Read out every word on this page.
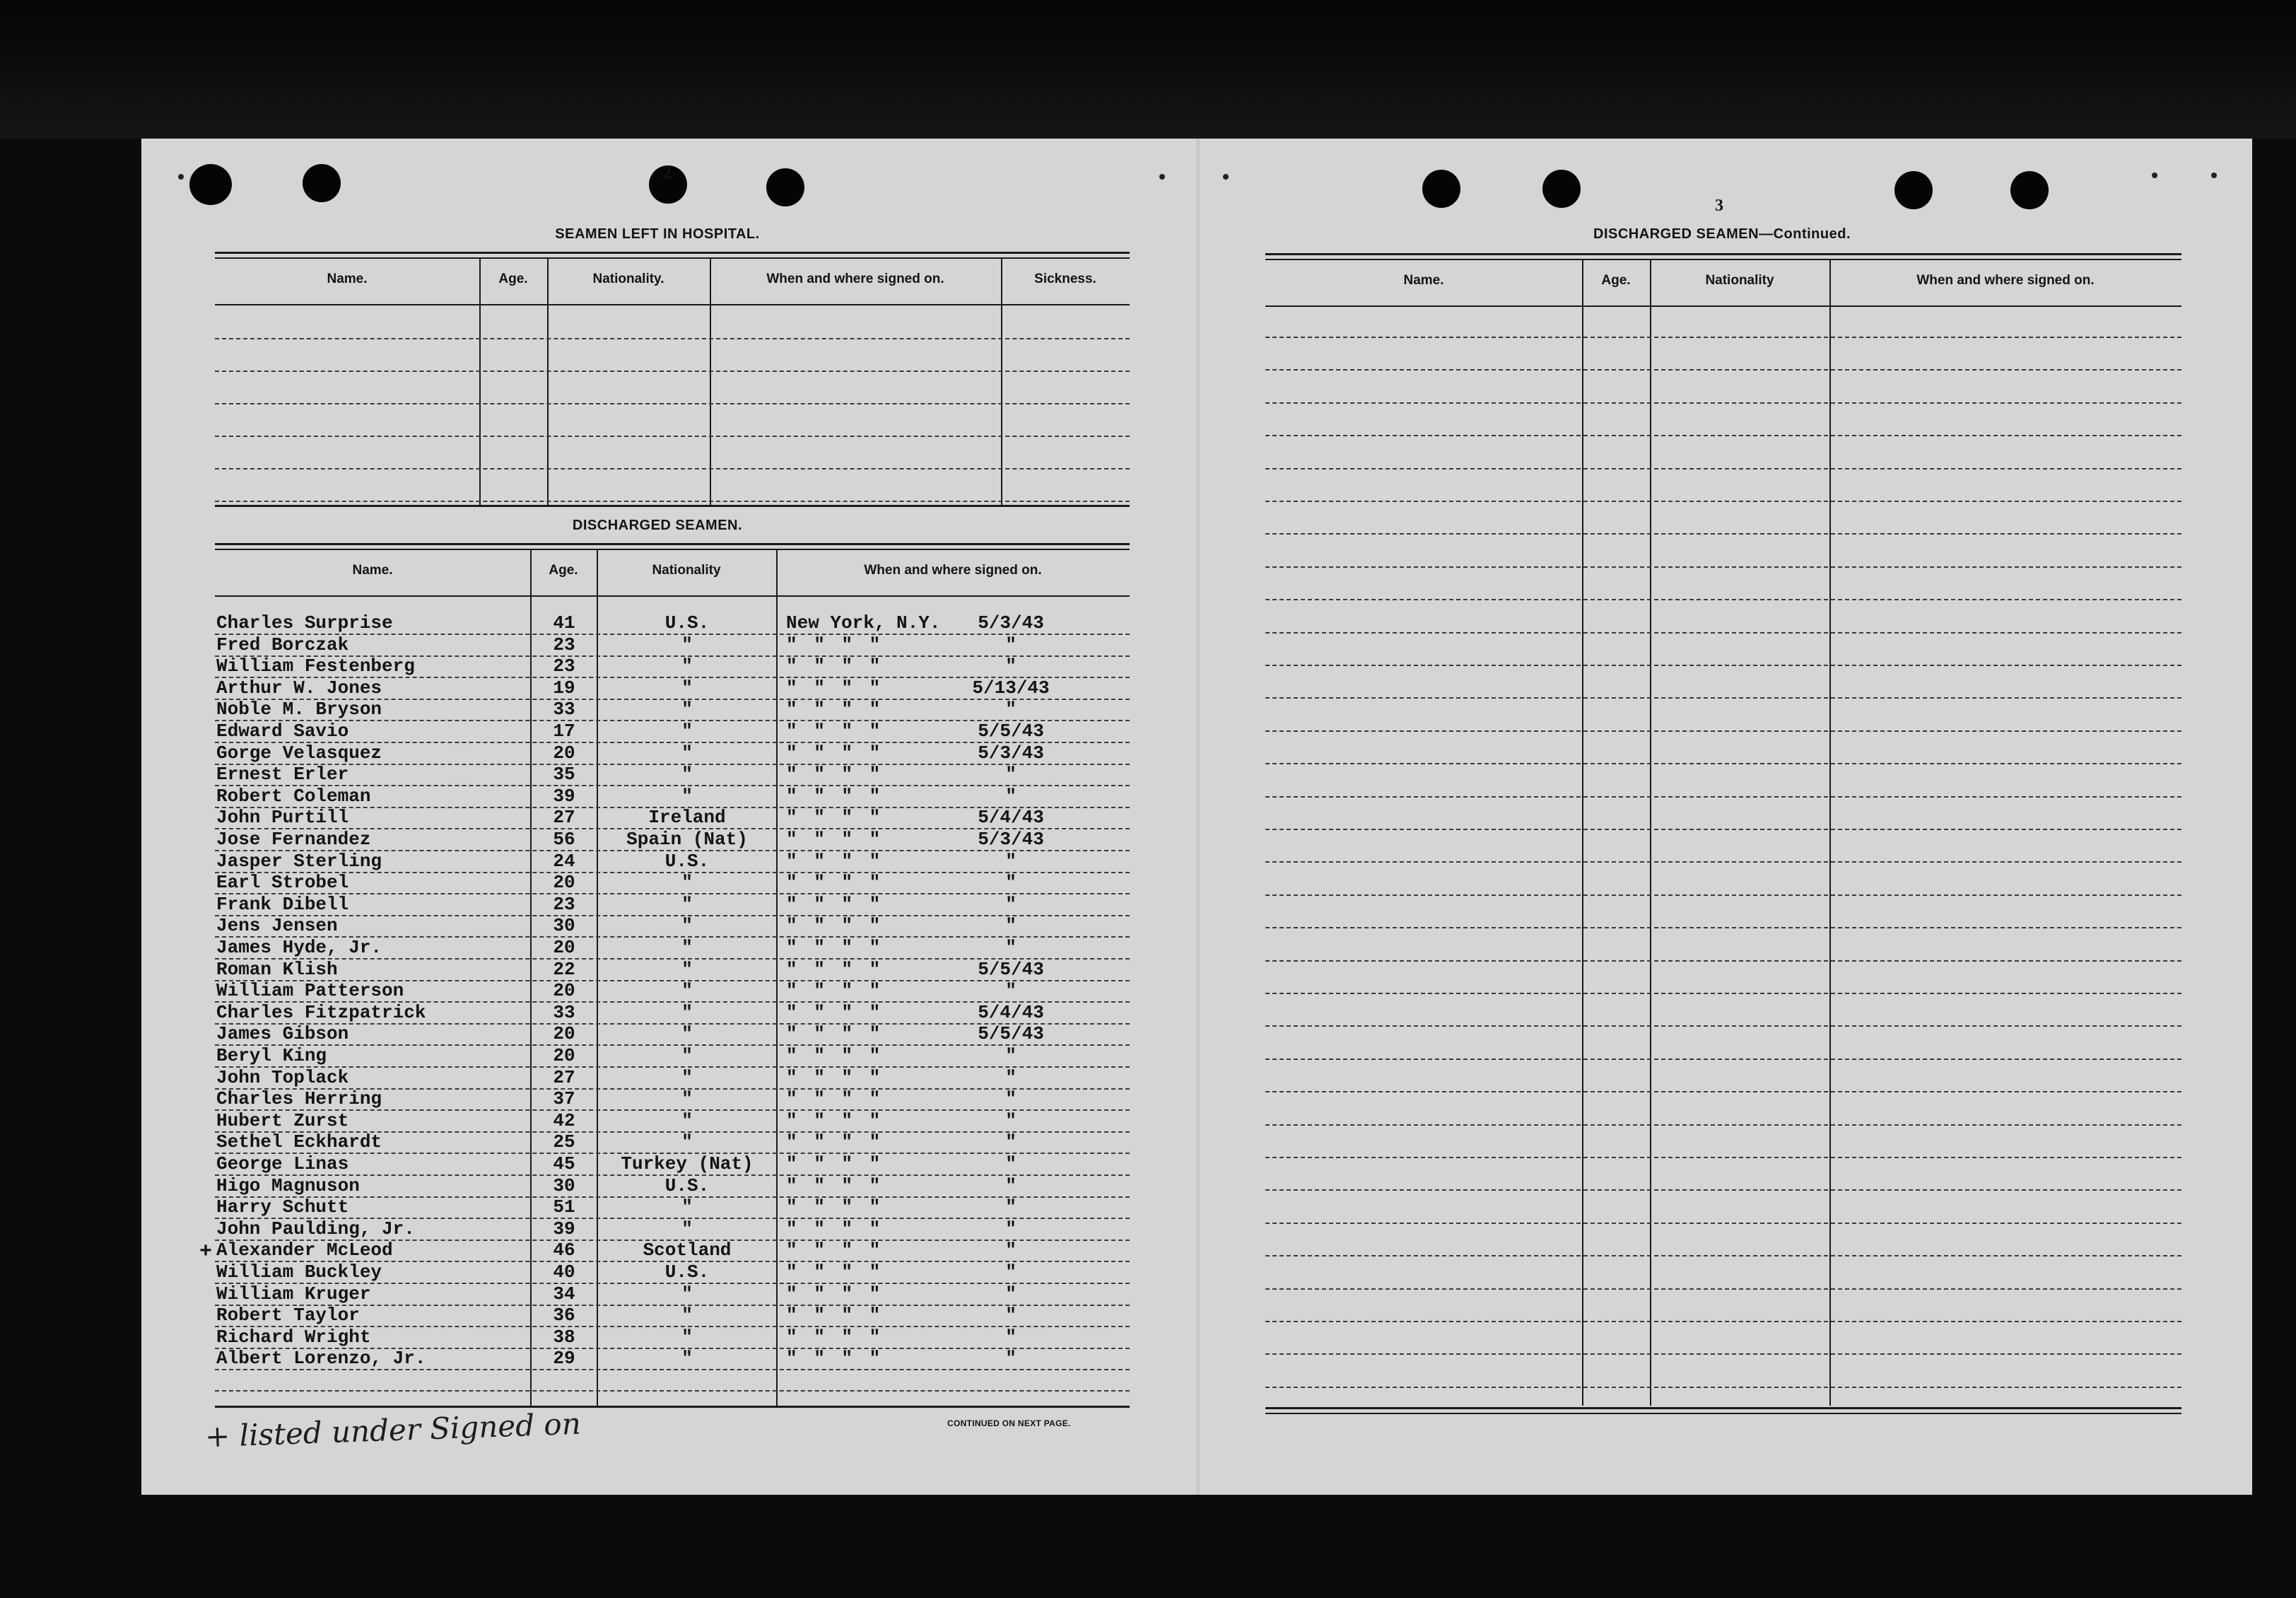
2
SEAMEN LEFT IN HOSPITAL.
Name.	Age.	Nationality.	When and where signed on.	Sickness.
DISCHARGED SEAMEN.
Name.	Age.	Nationality	When and where signed on.
Charles Surprise	41	U.S.	New York, N.Y.	5/3/43
Fred Borczak	23	"	" " " "	"
William Festenberg	23	"	" " " "	"
Arthur W. Jones	19	"	" " " "	5/13/43
Noble M. Bryson	33	"	" " " "	"
Edward Savio	17	"	" " " "	5/5/43
Gorge Velasquez	20	"	" " " "	5/3/43
Ernest Erler	35	"	" " " "	"
Robert Coleman	39	"	" " " "	"
John Purtill	27	Ireland	" " " "	5/4/43
Jose Fernandez	56	Spain (Nat)	" " " "	5/3/43
Jasper Sterling	24	U.S.	" " " "	"
Earl Strobel	20	"	" " " "	"
Frank Dibell	23	"	" " " "	"
Jens Jensen	30	"	" " " "	"
James Hyde, Jr.	20	"	" " " "	"
Roman Klish	22	"	" " " "	5/5/43
William Patterson	20	"	" " " "	"
Charles Fitzpatrick	33	"	" " " "	5/4/43
James Gibson	20	"	" " " "	5/5/43
Beryl King	20	"	" " " "	"
John Toplack	27	"	" " " "	"
Charles Herring	37	"	" " " "	"
Hubert Zurst	42	"	" " " "	"
Sethel Eckhardt	25	"	" " " "	"
George Linas	45	Turkey (Nat)	" " " "	"
Higo Magnuson	30	U.S.	" " " "	"
Harry Schutt	51	"	" " " "	"
John Paulding, Jr.	39	"	" " " "	"
Alexander McLeod	46	Scotland	" " " "	"
William Buckley	40	U.S.	" " " "	"
William Kruger	34	"	" " " "	"
Robert Taylor	36	"	" " " "	"
Richard Wright	38	"	" " " "	"
Albert Lorenzo, Jr.	29	"	" " " "	"
+
CONTINUED ON NEXT PAGE.
+ listed under Signed on
3
DISCHARGED SEAMEN—Continued.
Name.	Age.	Nationality	When and where signed on.
